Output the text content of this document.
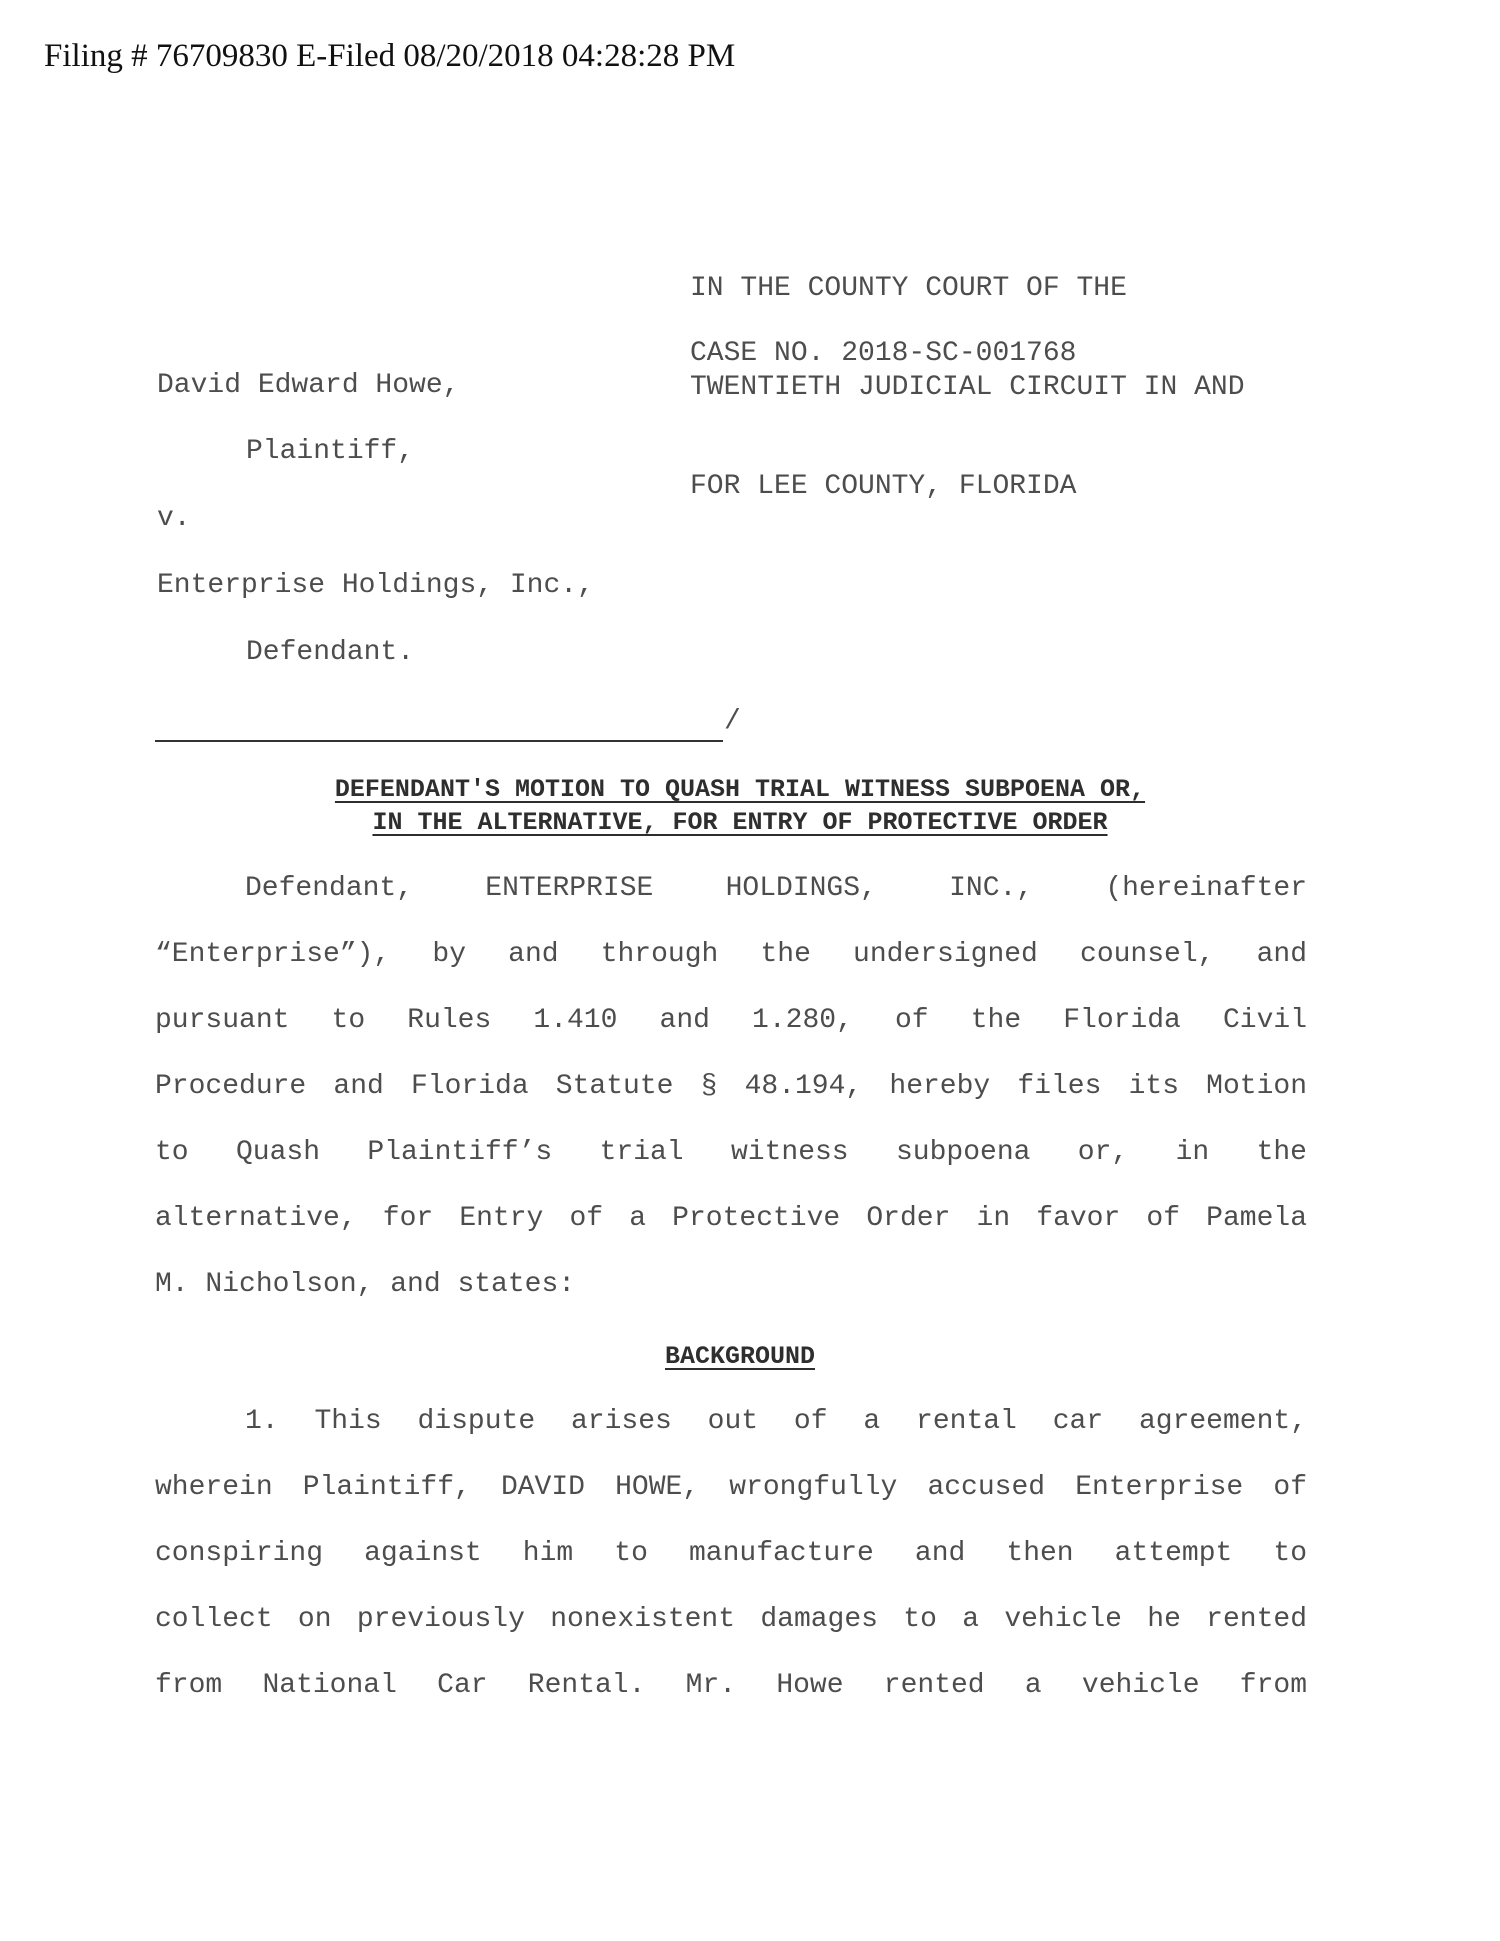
Filing # 76709830 E-Filed 08/20/2018 04:28:28 PM

IN THE COUNTY COURT OF THE

TWENTIETH JUDICIAL CIRCUIT IN AND

FOR LEE COUNTY, FLORIDA

CASE NO. 2018-SC-001768
David Edward Howe,
Plaintiff,
v.
Enterprise Holdings, Inc.,
Defendant.
/
DEFENDANT'S MOTION TO QUASH TRIAL WITNESS SUBPOENA OR,
IN THE ALTERNATIVE, FOR ENTRY OF PROTECTIVE ORDER
Defendant, ENTERPRISE HOLDINGS, INC., (hereinafter
“Enterprise”), by and through the undersigned counsel, and
pursuant to Rules 1.410 and 1.280, of the Florida Civil
Procedure and Florida Statute § 48.194, hereby files its Motion
to Quash Plaintiff’s trial witness subpoena or, in the
alternative, for Entry of a Protective Order in favor of Pamela
M. Nicholson, and states:
BACKGROUND
1. This dispute arises out of a rental car agreement,
wherein Plaintiff, DAVID HOWE, wrongfully accused Enterprise of
conspiring against him to manufacture and then attempt to
collect on previously nonexistent damages to a vehicle he rented
from National Car Rental. Mr. Howe rented a vehicle from
